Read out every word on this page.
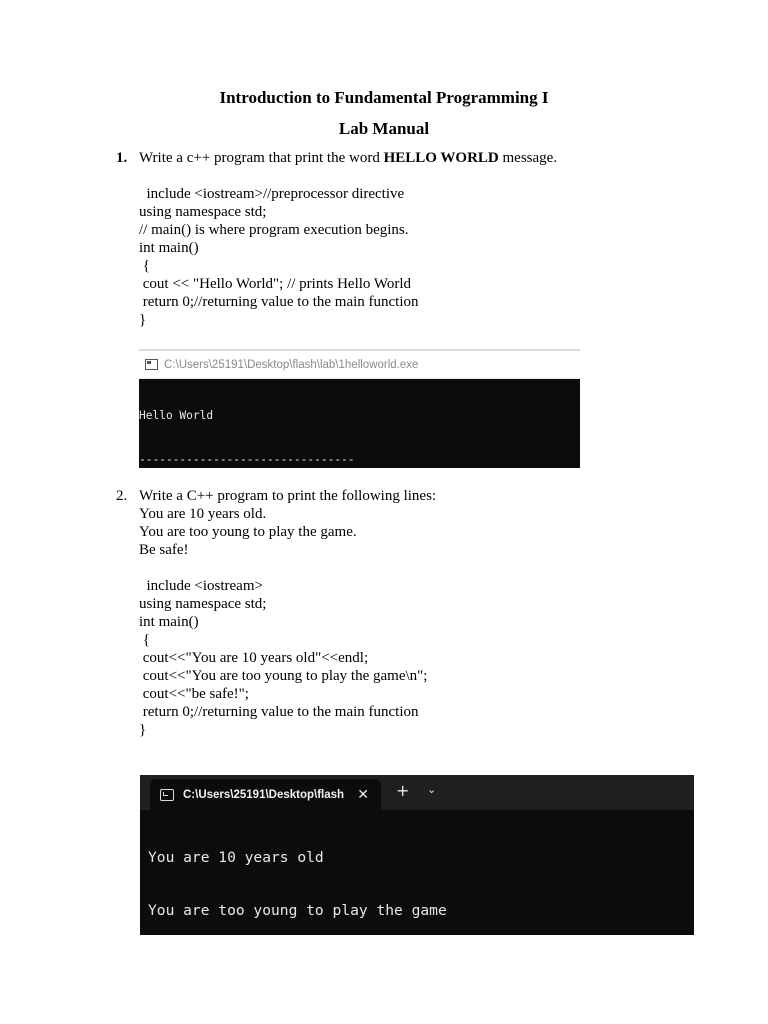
Introduction to Fundamental Programming I
Lab Manual
1. Write a c++ program that print the word HELLO WORLD message.
include <iostream>//preprocessor directive
using namespace std;
// main() is where program execution begins.
int main()
{
cout << "Hello World"; // prints Hello World
return 0;//returning value to the main function
}
C:\Users\25191\Desktop\flash\lab\1helloworld.exe

Hello World

--------------------------------

2. Write a C++ program to print the following lines:
You are 10 years old.
You are too young to play the game.
Be safe!
include <iostream>
using namespace std;
int main()
{
cout<<"You are 10 years old"<<endl;
cout<<"You are too young to play the game\n";
cout<<"be safe!";
return 0;//returning value to the main function
}
C:\Users\25191\Desktop\flash ✕ + ⌄

You are 10 years old

You are too young to play the game
